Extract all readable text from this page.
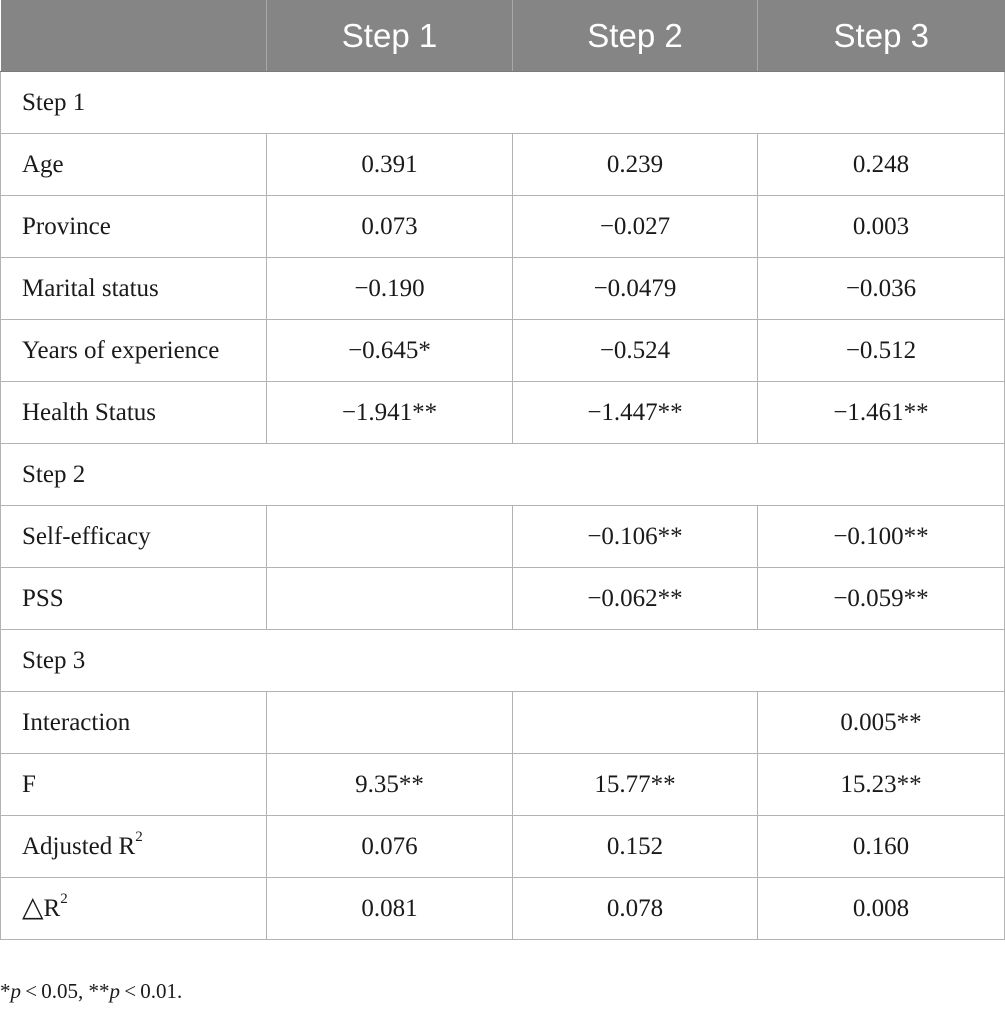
	Step 1	Step 2	Step 3
Step 1			
Age	0.391	0.239	0.248
Province	0.073	−0.027	0.003
Marital status	−0.190	−0.0479	−0.036
Years of experience	−0.645*	−0.524	−0.512
Health Status	−1.941**	−1.447**	−1.461**
Step 2			
Self-efficacy		−0.106**	−0.100**
PSS		−0.062**	−0.059**
Step 3			
Interaction			0.005**
F	9.35**	15.77**	15.23**
Adjusted $R^2$	0.076	0.152	0.160
$\triangle R^2$	0.081	0.078	0.008
*p < 0.05, **p < 0.01.
